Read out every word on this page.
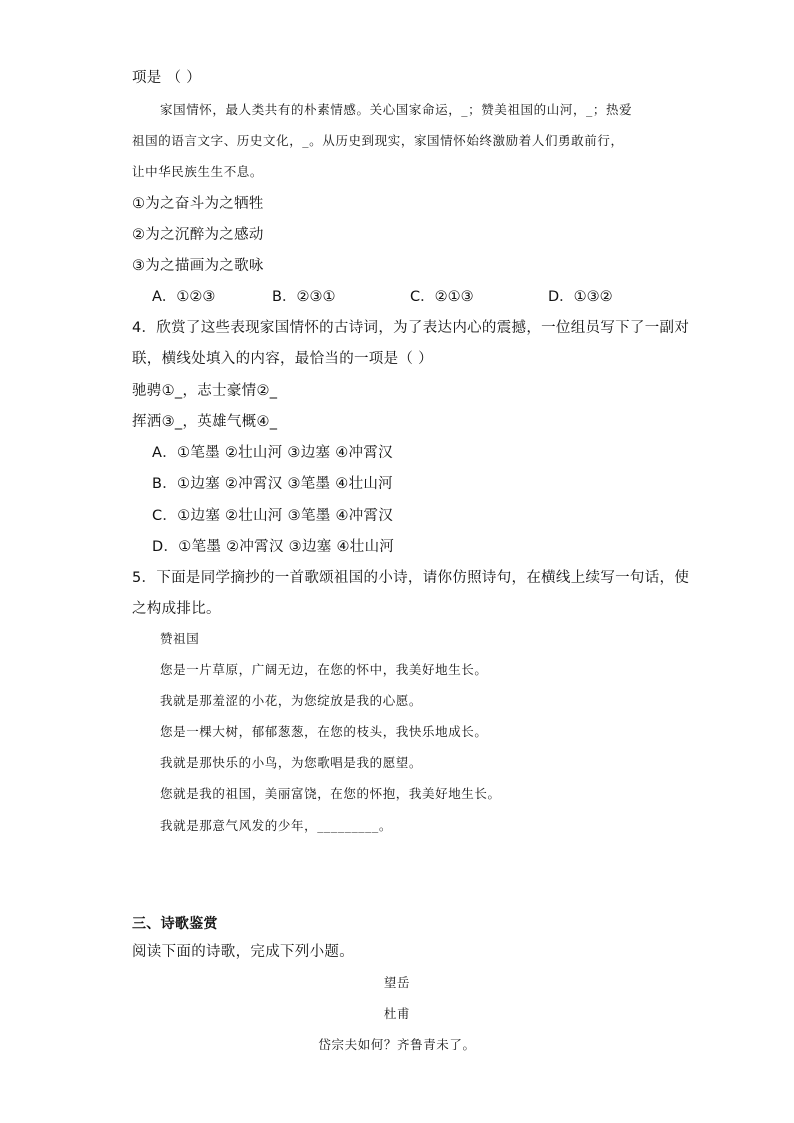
项是 （ ）
家国情怀，最人类共有的朴素情感。关心国家命运，_；赞美祖国的山河，_；热爱
祖国的语言文字、历史文化，_。从历史到现实，家国情怀始终激励着人们勇敢前行，
让中华民族生生不息。
①为之奋斗为之牺牲
②为之沉醉为之感动
③为之描画为之歌咏
A．①②③	B．②③①	C．②①③	D．①③②
4．欣赏了这些表现家国情怀的古诗词，为了表达内心的震撼，一位组员写下了一副对
联，横线处填入的内容，最恰当的一项是（ ）
驰骋①_，志士豪情②_
挥洒③_，英雄气概④_
A．①笔墨 ②壮山河 ③边塞 ④冲霄汉
B．①边塞 ②冲霄汉 ③笔墨 ④壮山河
C．①边塞 ②壮山河 ③笔墨 ④冲霄汉
D．①笔墨 ②冲霄汉 ③边塞 ④壮山河
5．下面是同学摘抄的一首歌颂祖国的小诗，请你仿照诗句，在横线上续写一句话，使
之构成排比。
赞祖国
您是一片草原，广阔无边，在您的怀中，我美好地生长。
我就是那羞涩的小花，为您绽放是我的心愿。
您是一棵大树，郁郁葱葱，在您的枝头，我快乐地成长。
我就是那快乐的小鸟，为您歌唱是我的愿望。
您就是我的祖国，美丽富饶，在您的怀抱，我美好地生长。
我就是那意气风发的少年，_________。
三、诗歌鉴赏
阅读下面的诗歌，完成下列小题。
望岳
杜甫
岱宗夫如何？齐鲁青未了。
